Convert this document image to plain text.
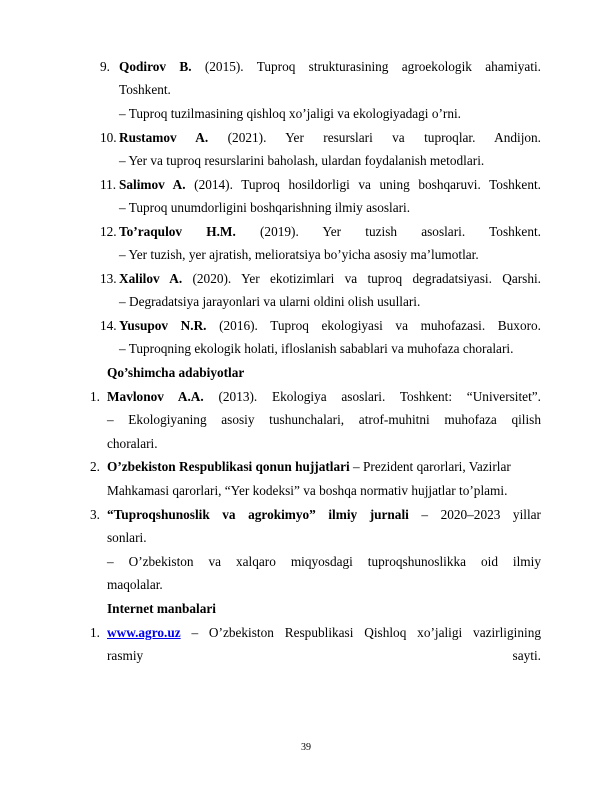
9. Qodirov B. (2015). Tuproq strukturasining agroekologik ahamiyati.
Toshkent.
– Tuproq tuzilmasining qishloq xo’jaligi va ekologiyadagi o’rni.
10. Rustamov A. (2021). Yer resurslari va tuproqlar. Andijon.
– Yer va tuproq resurslarini baholash, ulardan foydalanish metodlari.
11. Salimov A. (2014). Tuproq hosildorligi va uning boshqaruvi. Toshkent.
– Tuproq unumdorligini boshqarishning ilmiy asoslari.
12. To’raqulov H.M. (2019). Yer tuzish asoslari. Toshkent.
– Yer tuzish, yer ajratish, melioratsiya bo’yicha asosiy ma’lumotlar.
13. Xalilov A. (2020). Yer ekotizimlari va tuproq degradatsiyasi. Qarshi.
– Degradatsiya jarayonlari va ularni oldini olish usullari.
14. Yusupov N.R. (2016). Tuproq ekologiyasi va muhofazasi. Buxoro.
– Tuproqning ekologik holati, ifloslanish sabablari va muhofaza choralari.
Qo’shimcha adabiyotlar
1. Mavlonov A.A. (2013). Ekologiya asoslari. Toshkent: “Universitet”.
– Ekologiyaning asosiy tushunchalari, atrof-muhitni muhofaza qilish
choralari.
2. O’zbekiston Respublikasi qonun hujjatlari – Prezident qarorlari, Vazirlar
Mahkamasi qarorlari, “Yer kodeksi” va boshqa normativ hujjatlar to’plami.
3. “Tuproqshunoslik va agrokimyo” ilmiy jurnali – 2020–2023 yillar
sonlari.
– O’zbekiston va xalqaro miqyosdagi tuproqshunoslikka oid ilmiy
maqolalar.
Internet manbalari
1. www.agro.uz – O’zbekiston Respublikasi Qishloq xo’jaligi vazirligining
rasmiy	sayti.
39
